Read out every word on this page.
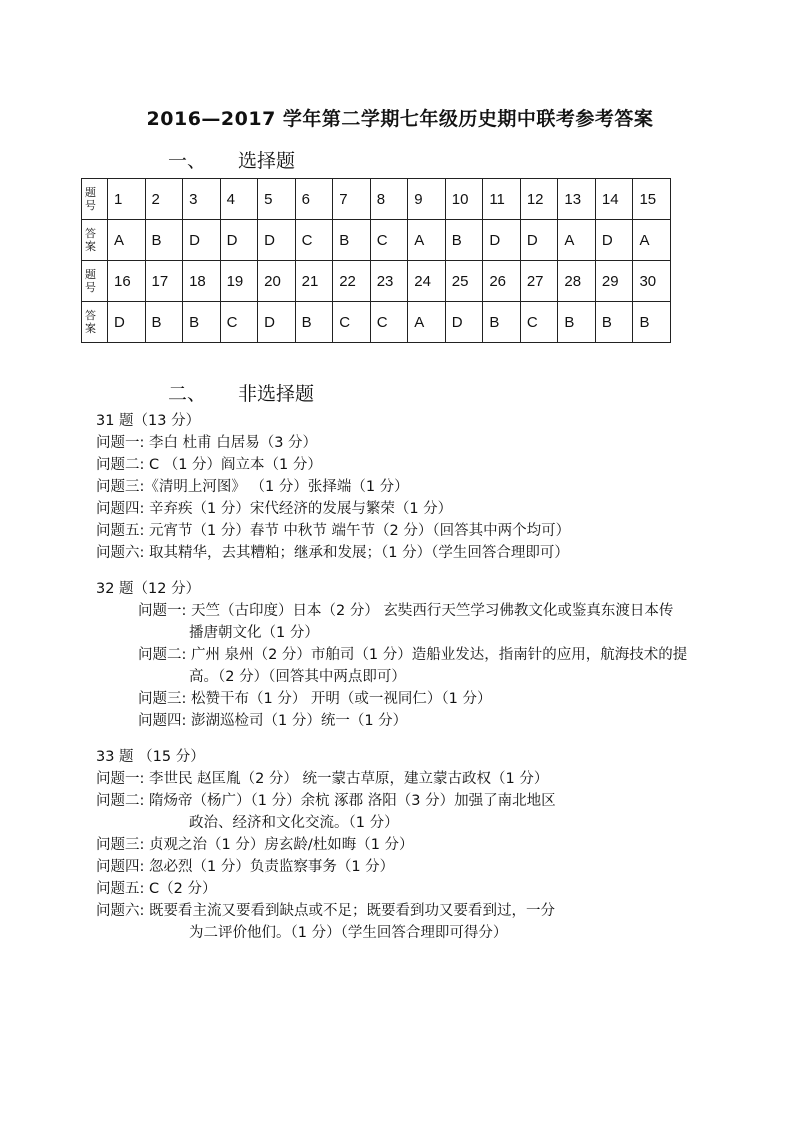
2016—2017 学年第二学期七年级历史期中联考参考答案
一、 选择题
题号	1	2	3	4	5	6	7	8	9	10	11	12	13	14	15

答案	A	B	D	D	D	C	B	C	A	B	D	D	A	D	A

题号	16	17	18	19	20	21	22	23	24	25	26	27	28	29	30

答案	D	B	B	C	D	B	C	C	A	D	B	C	B	B	B
二、 非选择题
31 题（13 分）
问题一: 李白 杜甫 白居易（3 分）
问题二: C （1 分）阎立本（1 分）
问题三:《清明上河图》 （1 分）张择端（1 分）
问题四: 辛弃疾（1 分）宋代经济的发展与繁荣（1 分）
问题五: 元宵节（1 分）春节 中秋节 端午节（2 分）（回答其中两个均可）
问题六: 取其精华，去其糟粕；继承和发展；（1 分）（学生回答合理即可）
32 题（12 分）
问题一: 天竺（古印度）日本（2 分） 玄奘西行天竺学习佛教文化或鉴真东渡日本传
播唐朝文化（1 分）
问题二: 广州 泉州（2 分）市舶司（1 分）造船业发达，指南针的应用，航海技术的提
高。（2 分）（回答其中两点即可）
问题三: 松赞干布（1 分） 开明（或一视同仁）（1 分）
问题四: 澎湖巡检司（1 分）统一（1 分）
33 题 （15 分）
问题一: 李世民 赵匡胤（2 分） 统一蒙古草原，建立蒙古政权（1 分）
问题二: 隋炀帝（杨广）（1 分）余杭 涿郡 洛阳（3 分）加强了南北地区
政治、经济和文化交流。（1 分）
问题三: 贞观之治（1 分）房玄龄/杜如晦（1 分）
问题四: 忽必烈（1 分）负责监察事务（1 分）
问题五: C（2 分）
问题六: 既要看主流又要看到缺点或不足；既要看到功又要看到过，一分
为二评价他们。（1 分）（学生回答合理即可得分）
